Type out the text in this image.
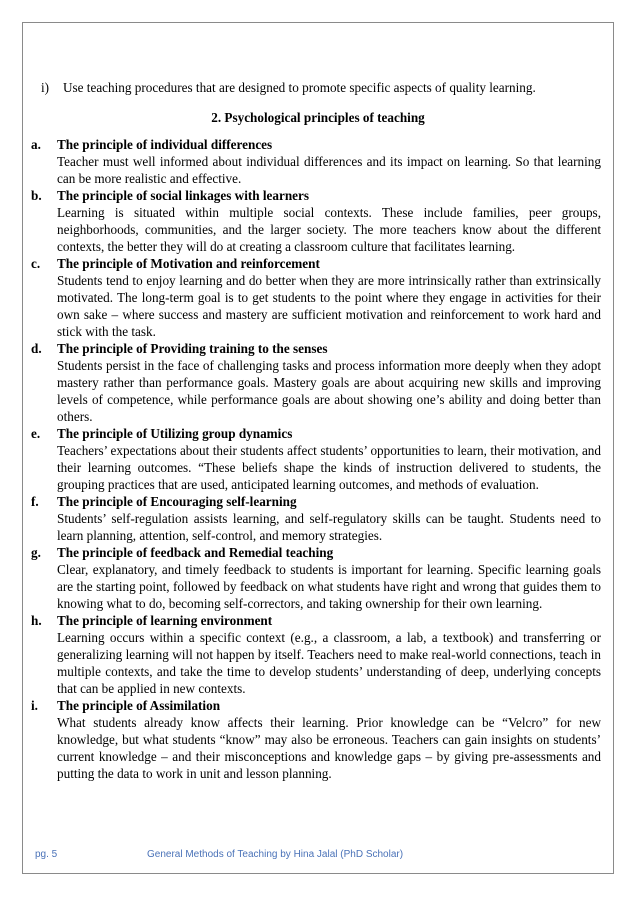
i) Use teaching procedures that are designed to promote specific aspects of quality learning.
2. Psychological principles of teaching
a.	The principle of individual differences
Teacher must well informed about individual differences and its impact on learning. So that learning can be more realistic and effective.
b.	The principle of social linkages with learners
Learning is situated within multiple social contexts. These include families, peer groups, neighborhoods, communities, and the larger society. The more teachers know about the different contexts, the better they will do at creating a classroom culture that facilitates learning.
c.	The principle of Motivation and reinforcement
Students tend to enjoy learning and do better when they are more intrinsically rather than extrinsically motivated. The long-term goal is to get students to the point where they engage in activities for their own sake – where success and mastery are sufficient motivation and reinforcement to work hard and stick with the task.
d.	The principle of Providing training to the senses
Students persist in the face of challenging tasks and process information more deeply when they adopt mastery rather than performance goals. Mastery goals are about acquiring new skills and improving levels of competence, while performance goals are about showing one’s ability and doing better than others.
e.	The principle of Utilizing group dynamics
Teachers’ expectations about their students affect students’ opportunities to learn, their motivation, and their learning outcomes. “These beliefs shape the kinds of instruction delivered to students, the grouping practices that are used, anticipated learning outcomes, and methods of evaluation.
f.	The principle of Encouraging self-learning
Students’ self-regulation assists learning, and self-regulatory skills can be taught. Students need to learn planning, attention, self-control, and memory strategies.
g.	The principle of feedback and Remedial teaching
Clear, explanatory, and timely feedback to students is important for learning. Specific learning goals are the starting point, followed by feedback on what students have right and wrong that guides them to knowing what to do, becoming self-correctors, and taking ownership for their own learning.
h.	The principle of learning environment
Learning occurs within a specific context (e.g., a classroom, a lab, a textbook) and transferring or generalizing learning will not happen by itself. Teachers need to make real-world connections, teach in multiple contexts, and take the time to develop students’ understanding of deep, underlying concepts that can be applied in new contexts.
i.	The principle of Assimilation
What students already know affects their learning. Prior knowledge can be “Velcro” for new knowledge, but what students “know” may also be erroneous. Teachers can gain insights on students’ current knowledge – and their misconceptions and knowledge gaps – by giving pre-assessments and putting the data to work in unit and lesson planning.
pg. 5	General Methods of Teaching by Hina Jalal (PhD Scholar)
